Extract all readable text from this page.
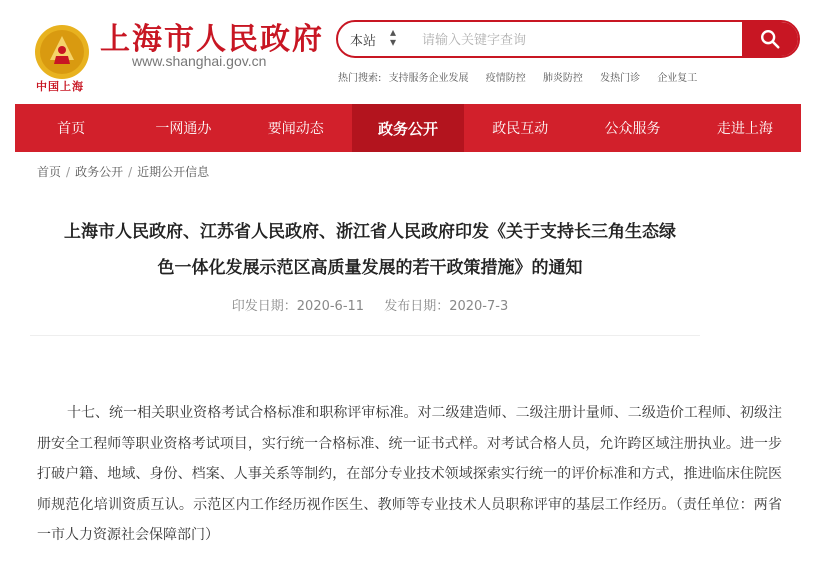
中国上海
上海市人民政府
www.shanghai.gov.cn
本站
▴
▾
请输入关键字查询
热门搜索: 支持服务企业发展 疫情防控 肺炎防控 发热门诊 企业复工
首页	一网通办	要闻动态	政务公开	政民互动	公众服务	走进上海
首页 / 政务公开 / 近期公开信息
上海市人民政府、江苏省人民政府、浙江省人民政府印发《关于支持长三角生态绿
色一体化发展示范区高质量发展的若干政策措施》的通知
印发日期：2020-6-11 发布日期：2020-7-3
十七、统一相关职业资格考试合格标准和职称评审标准。对二级建造师、二级注册计量师、二级造价工程师、初级注册安全工程师等职业资格考试项目，实行统一合格标准、统一证书式样。对考试合格人员，允许跨区域注册执业。进一步打破户籍、地域、身份、档案、人事关系等制约，在部分专业技术领域探索实行统一的评价标准和方式，推进临床住院医师规范化培训资质互认。示范区内工作经历视作医生、教师等专业技术人员职称评审的基层工作经历。（责任单位：两省一市人力资源社会保障部门）
